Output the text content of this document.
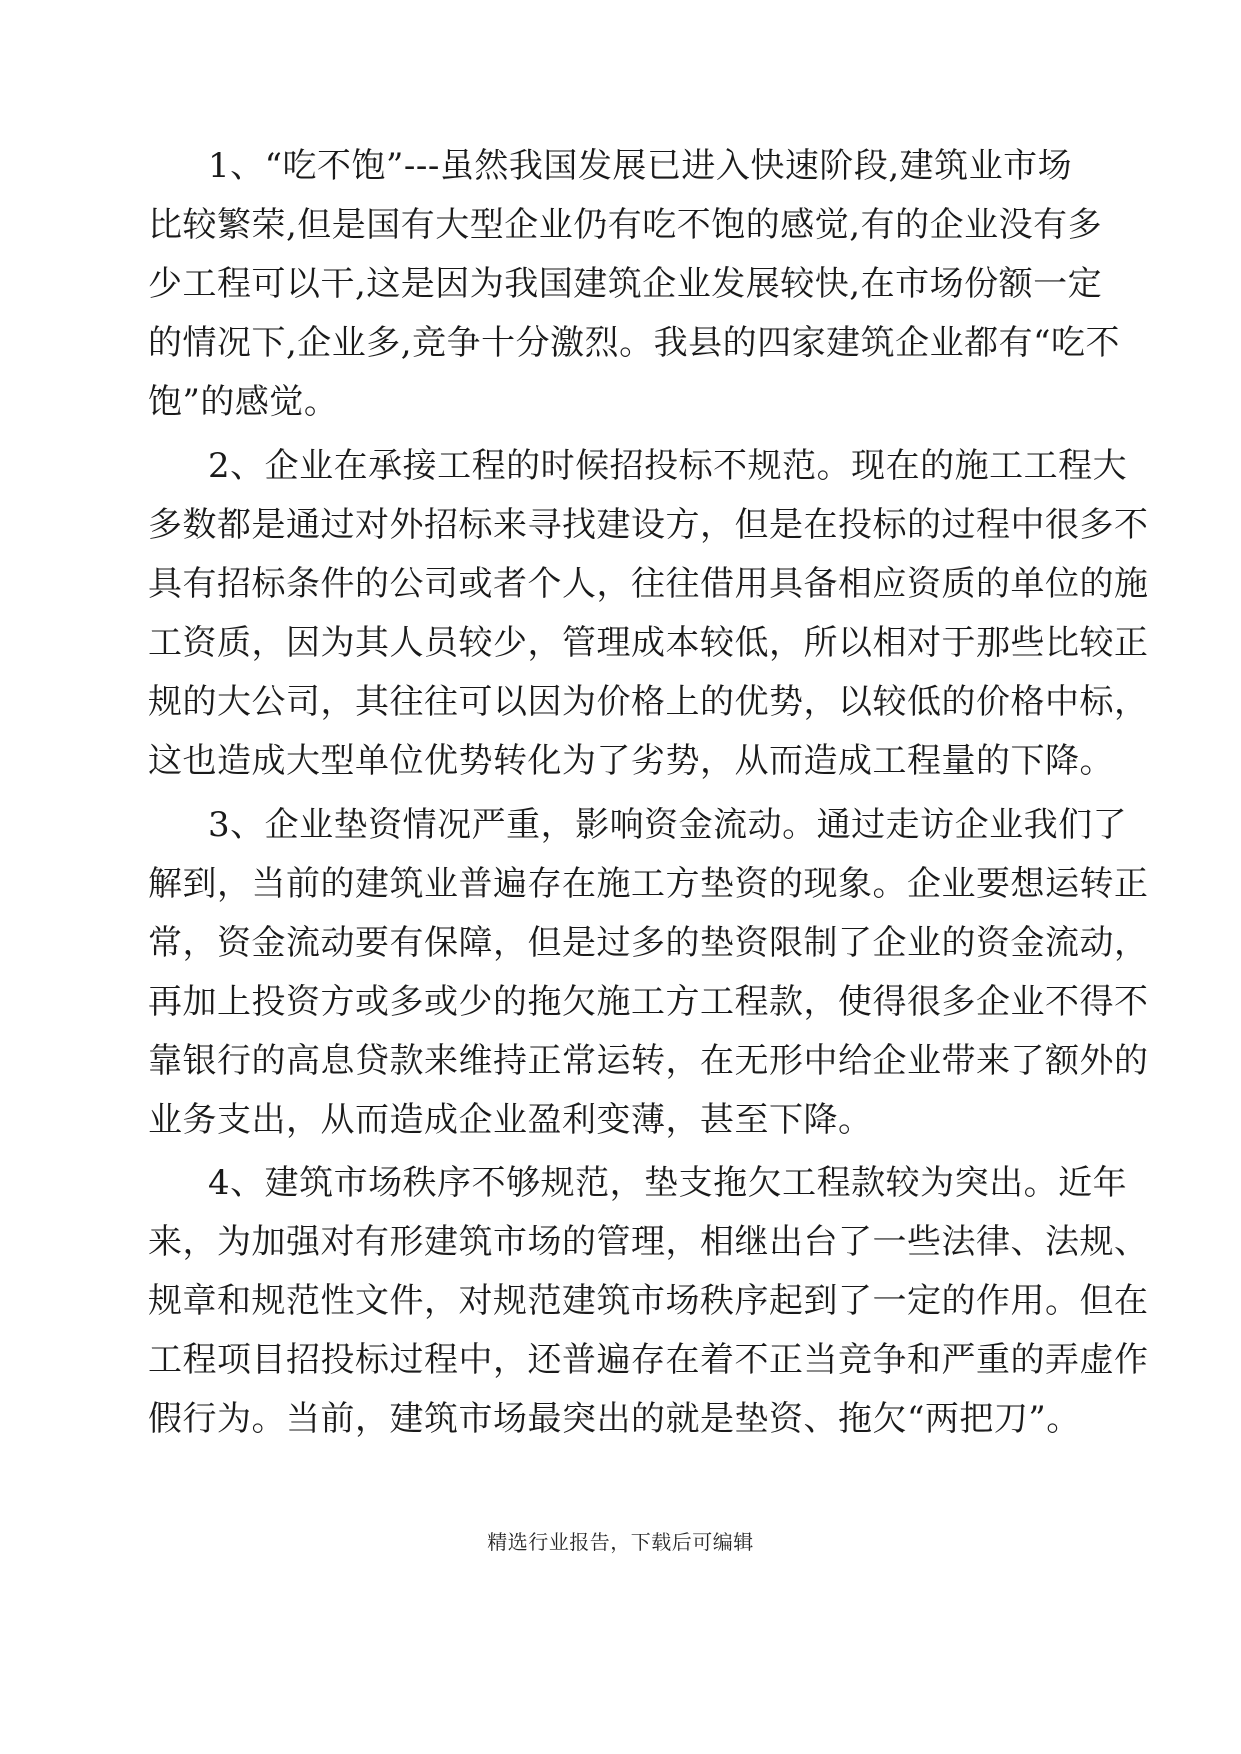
1、“吃不饱”---虽然我国发展已进入快速阶段,建筑业市场
比较繁荣,但是国有大型企业仍有吃不饱的感觉,有的企业没有多
少工程可以干,这是因为我国建筑企业发展较快,在市场份额一定
的情况下,企业多,竞争十分激烈。我县的四家建筑企业都有“吃不
饱”的感觉。
2、企业在承接工程的时候招投标不规范。现在的施工工程大
多数都是通过对外招标来寻找建设方，但是在投标的过程中很多不
具有招标条件的公司或者个人，往往借用具备相应资质的单位的施
工资质，因为其人员较少，管理成本较低，所以相对于那些比较正
规的大公司，其往往可以因为价格上的优势，以较低的价格中标，
这也造成大型单位优势转化为了劣势，从而造成工程量的下降。
3、企业垫资情况严重，影响资金流动。通过走访企业我们了
解到，当前的建筑业普遍存在施工方垫资的现象。企业要想运转正
常，资金流动要有保障，但是过多的垫资限制了企业的资金流动，
再加上投资方或多或少的拖欠施工方工程款，使得很多企业不得不
靠银行的高息贷款来维持正常运转，在无形中给企业带来了额外的
业务支出，从而造成企业盈利变薄，甚至下降。
4、建筑市场秩序不够规范，垫支拖欠工程款较为突出。近年
来，为加强对有形建筑市场的管理，相继出台了一些法律、法规、
规章和规范性文件，对规范建筑市场秩序起到了一定的作用。但在
工程项目招投标过程中，还普遍存在着不正当竞争和严重的弄虚作
假行为。当前，建筑市场最突出的就是垫资、拖欠“两把刀”。
精选行业报告，下载后可编辑
